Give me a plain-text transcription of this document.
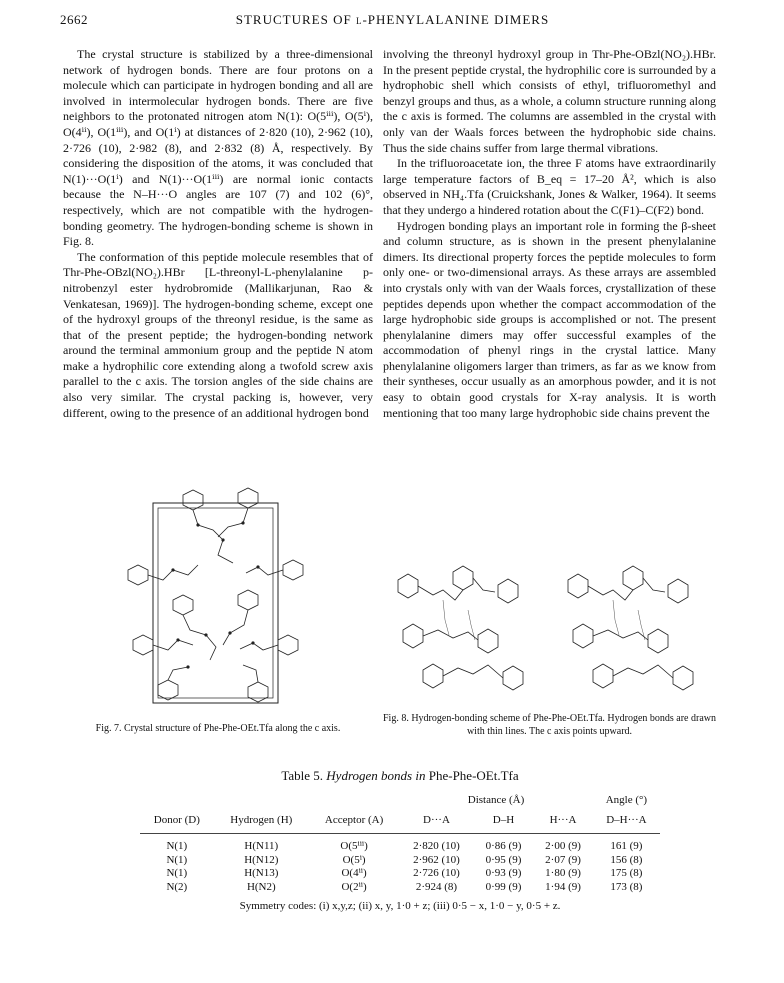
2662	STRUCTURES OF l-PHENYLALANINE DIMERS

The crystal structure is stabilized by a three-dimensional network of hydrogen bonds. There are four protons on a molecule which can participate in hydrogen bonding and all are involved in intermolecular hydrogen bonds. There are five neighbors to the protonated nitrogen atom N(1): O(5ⁱⁱⁱ), O(5ⁱ), O(4ⁱⁱ), O(1ⁱⁱⁱ), and O(1ⁱ) at distances of 2·820 (10), 2·962 (10), 2·726 (10), 2·982 (8), and 2·832 (8) Å, respectively. By considering the disposition of the atoms, it was concluded that N(1)···O(1ⁱ) and N(1)···O(1ⁱⁱⁱ) are normal ionic contacts because the N–H···O angles are 107 (7) and 102 (6)°, respectively, which are not compatible with the hydrogen-bonding geometry. The hydrogen-bonding scheme is shown in Fig. 8.

The conformation of this peptide molecule resembles that of Thr-Phe-OBzl(NO₂).HBr [L-threonyl-L-phenylalanine p-nitrobenzyl ester hydrobromide (Mallikarjunan, Rao & Venkatesan, 1969)]. The hydrogen-bonding scheme, except one of the hydroxyl groups of the threonyl residue, is the same as that of the present peptide; the hydrogen-bonding network around the terminal ammonium group and the peptide N atom make a hydrophilic core extending along a twofold screw axis parallel to the c axis. The torsion angles of the side chains are also very similar. The crystal packing is, however, very different, owing to the presence of an additional hydrogen bond

involving the threonyl hydroxyl group in Thr-Phe-OBzl(NO₂).HBr. In the present peptide crystal, the hydrophilic core is surrounded by a hydrophobic shell which consists of ethyl, trifluoromethyl and benzyl groups and thus, as a whole, a column structure running along the c axis is formed. The columns are assembled in the crystal with only van der Waals forces between the hydrophobic side chains. Thus the side chains suffer from large thermal vibrations.

In the trifluoroacetate ion, the three F atoms have extraordinarily large temperature factors of B_eq = 17–20 Å², which is also observed in NH₄.Tfa (Cruickshank, Jones & Walker, 1964). It seems that they undergo a hindered rotation about the C(F1)–C(F2) bond.

Hydrogen bonding plays an important role in forming the β-sheet and column structure, as is shown in the present phenylalanine dimers. Its directional property forces the peptide molecules to form only one- or two-dimensional arrays. As these arrays are assembled into crystals only with van der Waals forces, crystallization of these peptides depends upon whether the compact accommodation of the large hydrophobic side groups is accomplished or not. The present phenylalanine dimers may offer successful examples of the accommodation of phenyl rings in the crystal lattice. Many phenylalanine oligomers larger than trimers, as far as we know from their syntheses, occur usually as an amorphous powder, and it is not easy to obtain good crystals for X-ray analysis. It is worth mentioning that too many large hydrophobic side chains prevent the

Fig. 7. Crystal structure of Phe-Phe-OEt.Tfa along the c axis.
Fig. 8. Hydrogen-bonding scheme of Phe-Phe-OEt.Tfa. Hydrogen bonds are drawn with thin lines. The c axis points upward.
Table 5. Hydrogen bonds in Phe-Phe-OEt.Tfa
			Distance (Å)			Angle (°)
Donor (D)	Hydrogen (H)	Acceptor (A)	D···A	D–H	H···A	D–H···A
N(1)	H(N11)	O(5ⁱⁱⁱ)	2·820 (10)	0·86 (9)	2·00 (9)	161 (9)
N(1)	H(N12)	O(5ⁱ)	2·962 (10)	0·95 (9)	2·07 (9)	156 (8)
N(1)	H(N13)	O(4ⁱⁱ)	2·726 (10)	0·93 (9)	1·80 (9)	175 (8)
N(2)	H(N2)	O(2ⁱⁱ)	2·924 (8)	0·99 (9)	1·94 (9)	173 (8)
Symmetry codes: (i) x,y,z; (ii) x, y, 1·0 + z; (iii) 0·5 − x, 1·0 − y, 0·5 + z.
